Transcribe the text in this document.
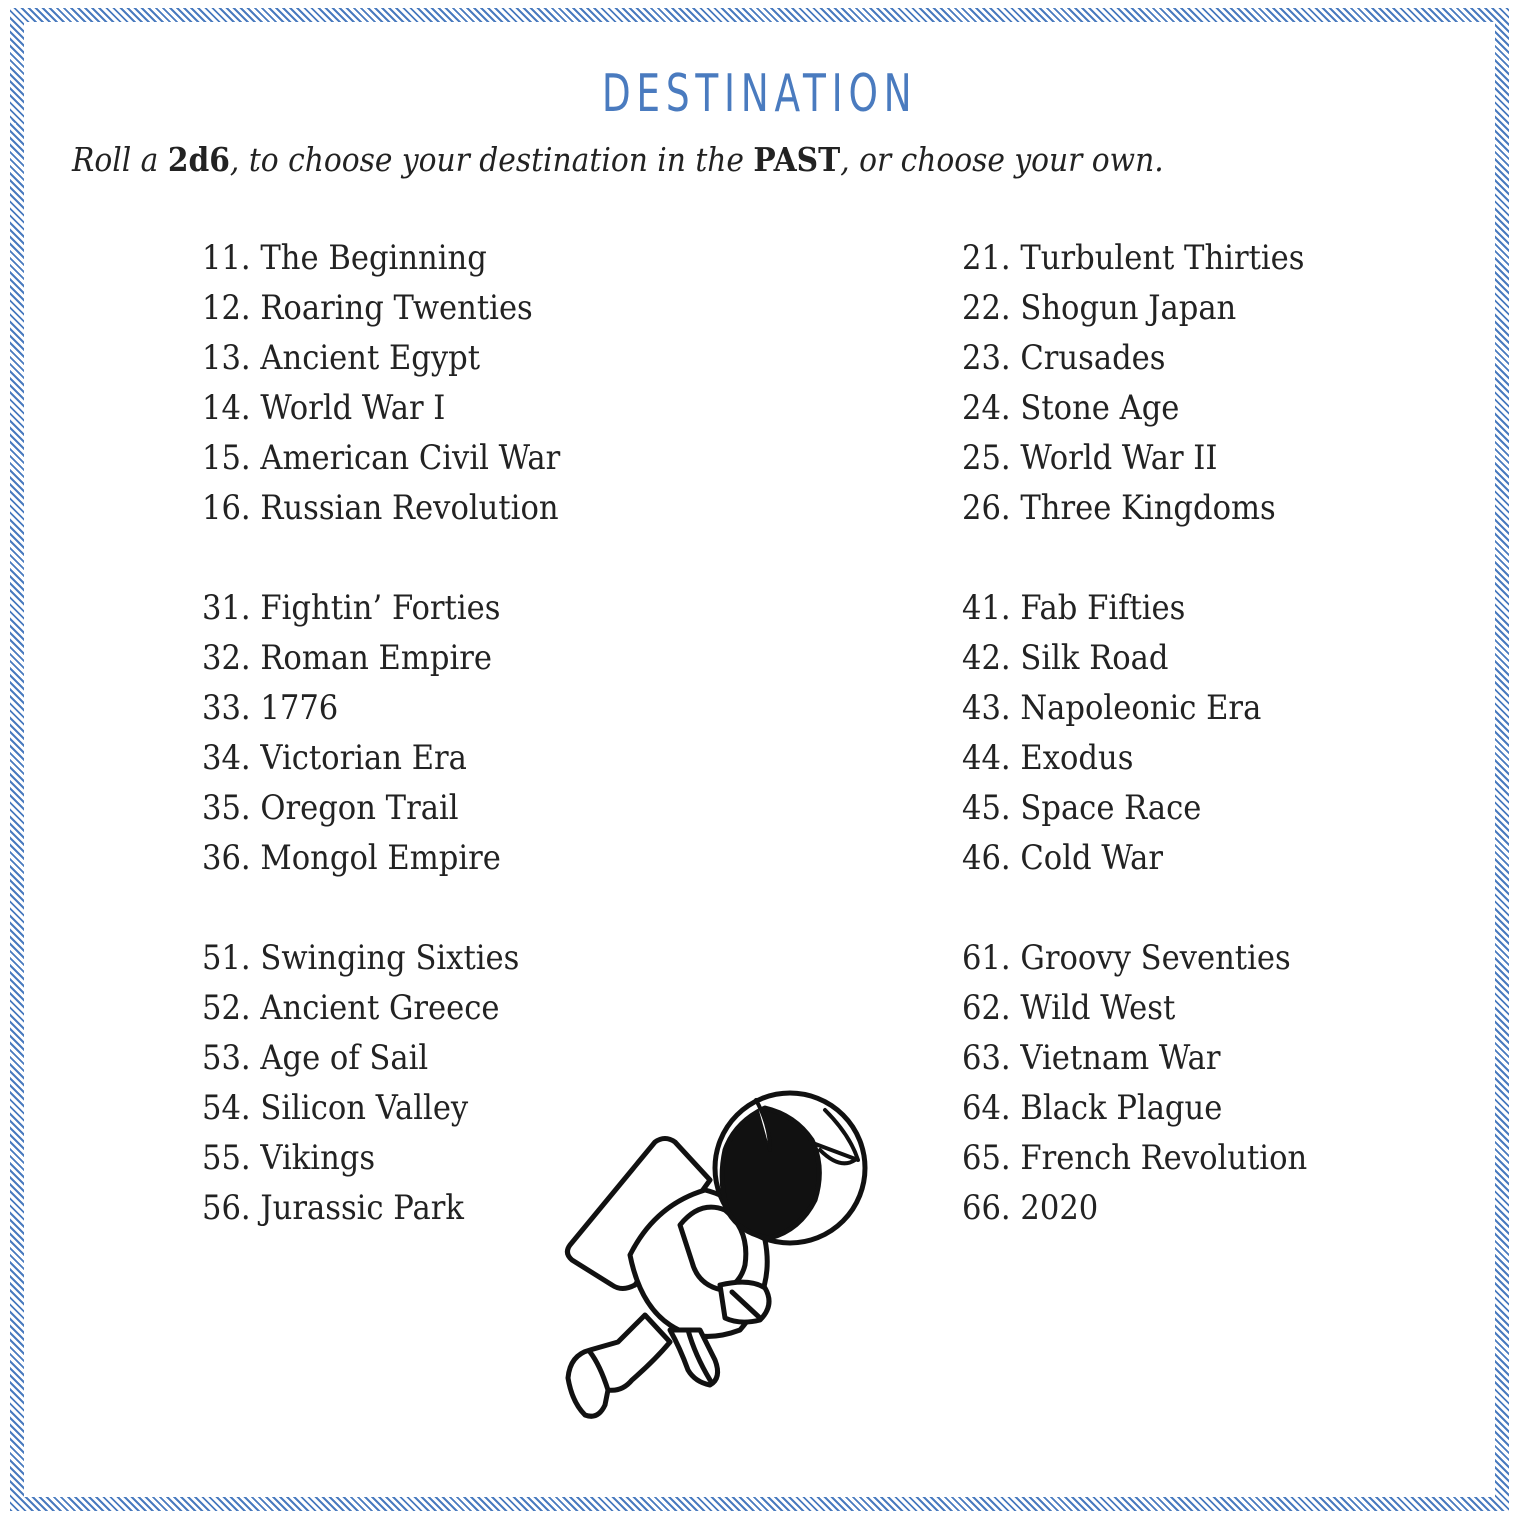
DESTINATION
Roll a 2d6, to choose your destination in the PAST, or choose your own.
11. The Beginning
12. Roaring Twenties
13. Ancient Egypt
14. World War I
15. American Civil War
16. Russian Revolution
31. Fightin’ Forties
32. Roman Empire
33. 1776
34. Victorian Era
35. Oregon Trail
36. Mongol Empire
51. Swinging Sixties
52. Ancient Greece
53. Age of Sail
54. Silicon Valley
55. Vikings
56. Jurassic Park
21. Turbulent Thirties
22. Shogun Japan
23. Crusades
24. Stone Age
25. World War II
26. Three Kingdoms
41. Fab Fifties
42. Silk Road
43. Napoleonic Era
44. Exodus
45. Space Race
46. Cold War
61. Groovy Seventies
62. Wild West
63. Vietnam War
64. Black Plague
65. French Revolution
66. 2020
